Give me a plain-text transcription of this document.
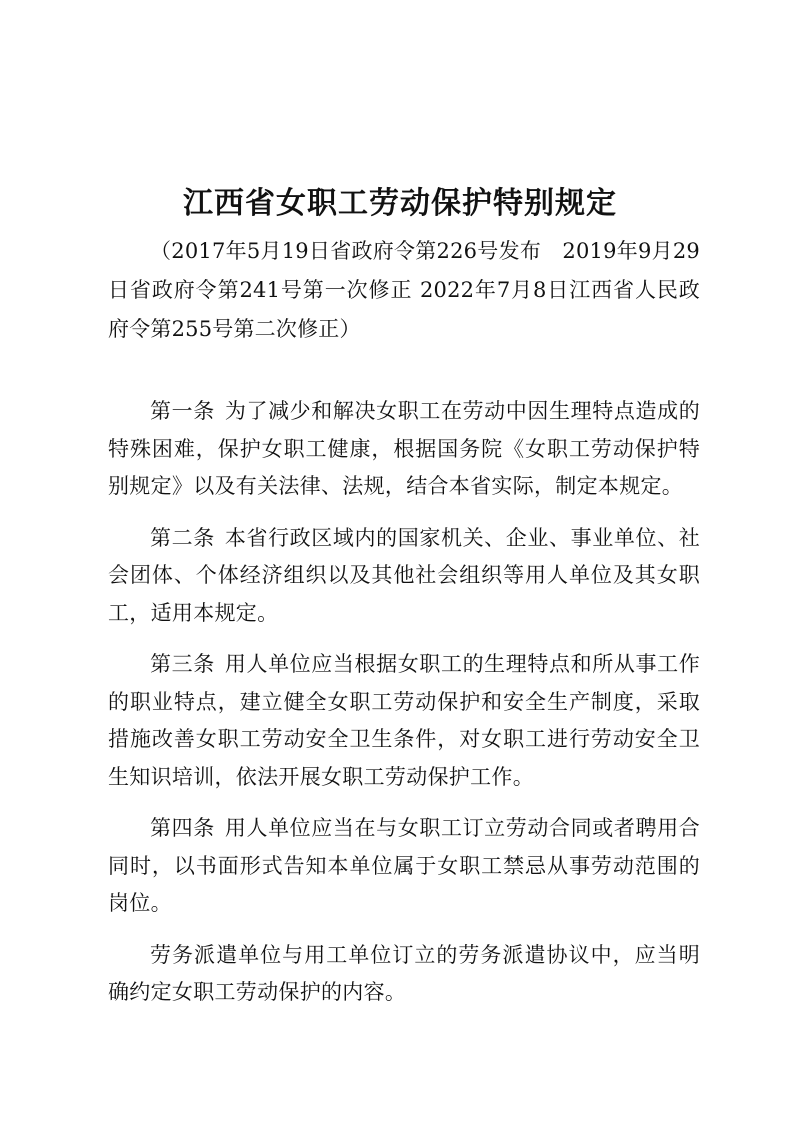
江西省女职工劳动保护特别规定

（2017年5月19日省政府令第226号发布　2019年9月29日省政府令第241号第一次修正 2022年7月8日江西省人民政府令第255号第二次修正）

第一条 为了减少和解决女职工在劳动中因生理特点造成的特殊困难，保护女职工健康，根据国务院《女职工劳动保护特别规定》以及有关法律、法规，结合本省实际，制定本规定。

第二条 本省行政区域内的国家机关、企业、事业单位、社会团体、个体经济组织以及其他社会组织等用人单位及其女职工，适用本规定。

第三条 用人单位应当根据女职工的生理特点和所从事工作的职业特点，建立健全女职工劳动保护和安全生产制度，采取措施改善女职工劳动安全卫生条件，对女职工进行劳动安全卫生知识培训，依法开展女职工劳动保护工作。

第四条 用人单位应当在与女职工订立劳动合同或者聘用合同时，以书面形式告知本单位属于女职工禁忌从事劳动范围的岗位。

劳务派遣单位与用工单位订立的劳务派遣协议中，应当明确约定女职工劳动保护的内容。
